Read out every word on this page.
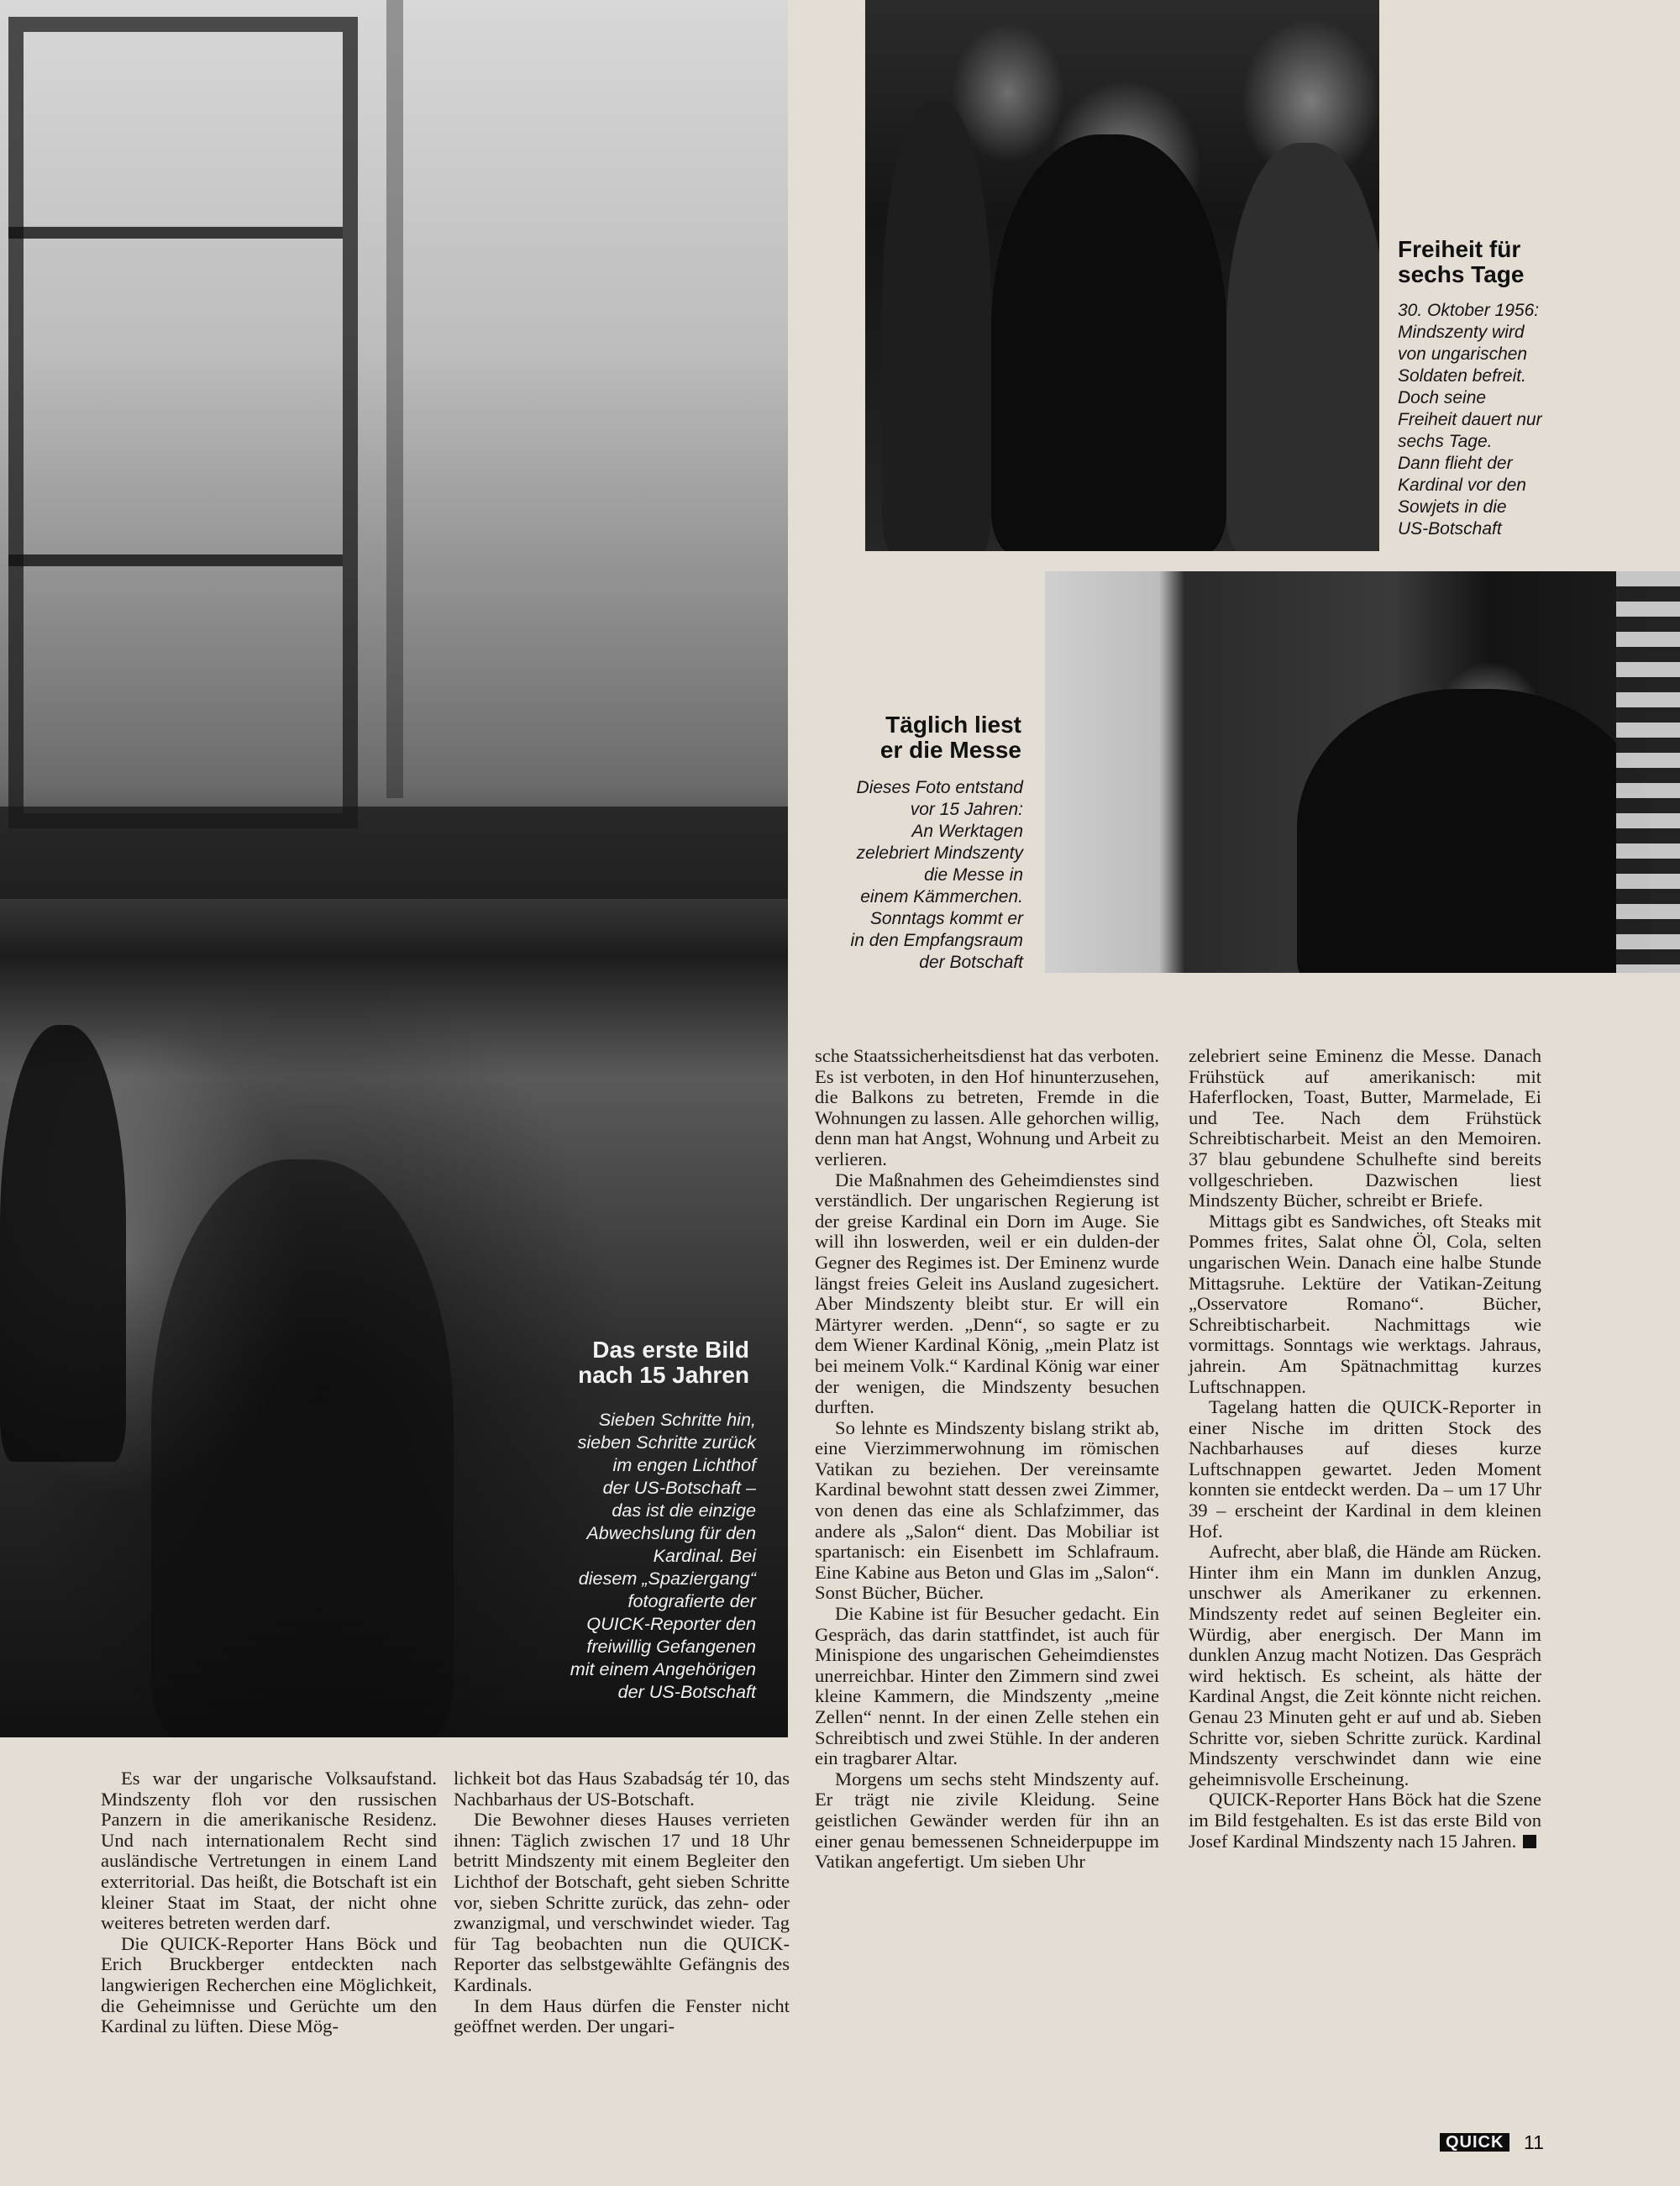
Das erste Bild
nach 15 Jahren
Sieben Schritte hin,
sieben Schritte zurück
im engen Lichthof
der US-Botschaft –
das ist die einzige
Abwechslung für den
Kardinal. Bei
diesem „Spaziergang“
fotografierte der
QUICK-Reporter den
freiwillig Gefangenen
mit einem Angehörigen
der US-Botschaft
Freiheit für
sechs Tage
30. Oktober 1956:
Mindszenty wird
von ungarischen
Soldaten befreit.
Doch seine
Freiheit dauert nur
sechs Tage.
Dann flieht der
Kardinal vor den
Sowjets in die
US-Botschaft
Täglich liest
er die Messe
Dieses Foto entstand
vor 15 Jahren:
An Werktagen
zelebriert Mindszenty
die Messe in
einem Kämmerchen.
Sonntags kommt er
in den Empfangsraum
der Botschaft

Es war der ungarische Volksaufstand. Mindszenty floh vor den russischen Panzern in die amerikanische Residenz. Und nach internationalem Recht sind ausländische Vertretungen in einem Land exterritorial. Das heißt, die Botschaft ist ein kleiner Staat im Staat, der nicht ohne weiteres betreten werden darf.

Die QUICK-Reporter Hans Böck und Erich Bruckberger entdeckten nach langwierigen Recherchen eine Möglichkeit, die Geheimnisse und Gerüchte um den Kardinal zu lüften. Diese Mög-

lichkeit bot das Haus Szabadság tér 10, das Nachbarhaus der US-Botschaft.

Die Bewohner dieses Hauses verrieten ihnen: Täglich zwischen 17 und 18 Uhr betritt Mindszenty mit einem Begleiter den Lichthof der Botschaft, geht sieben Schritte vor, sieben Schritte zurück, das zehn- oder zwanzigmal, und verschwindet wieder. Tag für Tag beobachten nun die QUICK-Reporter das selbstgewählte Gefängnis des Kardinals.

In dem Haus dürfen die Fenster nicht geöffnet werden. Der ungari-

sche Staatssicherheitsdienst hat das verboten. Es ist verboten, in den Hof hinunterzusehen, die Balkons zu betreten, Fremde in die Wohnungen zu lassen. Alle gehorchen willig, denn man hat Angst, Wohnung und Arbeit zu verlieren.

Die Maßnahmen des Geheimdienstes sind verständlich. Der ungarischen Regierung ist der greise Kardinal ein Dorn im Auge. Sie will ihn loswerden, weil er ein dulden-der Gegner des Regimes ist. Der Eminenz wurde längst freies Geleit ins Ausland zugesichert. Aber Mindszenty bleibt stur. Er will ein Märtyrer werden. „Denn“, so sagte er zu dem Wiener Kardinal König, „mein Platz ist bei meinem Volk.“ Kardinal König war einer der wenigen, die Mindszenty besuchen durften.

So lehnte es Mindszenty bislang strikt ab, eine Vierzimmerwohnung im römischen Vatikan zu beziehen. Der vereinsamte Kardinal bewohnt statt dessen zwei Zimmer, von denen das eine als Schlafzimmer, das andere als „Salon“ dient. Das Mobiliar ist spartanisch: ein Eisenbett im Schlafraum. Eine Kabine aus Beton und Glas im „Salon“. Sonst Bücher, Bücher.

Die Kabine ist für Besucher gedacht. Ein Gespräch, das darin stattfindet, ist auch für Minispione des ungarischen Geheimdienstes unerreichbar. Hinter den Zimmern sind zwei kleine Kammern, die Mindszenty „meine Zellen“ nennt. In der einen Zelle stehen ein Schreibtisch und zwei Stühle. In der anderen ein tragbarer Altar.

Morgens um sechs steht Mindszenty auf. Er trägt nie zivile Kleidung. Seine geistlichen Gewänder werden für ihn an einer genau bemessenen Schneiderpuppe im Vatikan angefertigt. Um sieben Uhr

zelebriert seine Eminenz die Messe. Danach Frühstück auf amerikanisch: mit Haferflocken, Toast, Butter, Marmelade, Ei und Tee. Nach dem Frühstück Schreibtischarbeit. Meist an den Memoiren. 37 blau gebundene Schulhefte sind bereits vollgeschrieben. Dazwischen liest Mindszenty Bücher, schreibt er Briefe.

Mittags gibt es Sandwiches, oft Steaks mit Pommes frites, Salat ohne Öl, Cola, selten ungarischen Wein. Danach eine halbe Stunde Mittagsruhe. Lektüre der Vatikan-Zeitung „Osservatore Romano“. Bücher, Schreibtischarbeit. Nachmittags wie vormittags. Sonntags wie werktags. Jahraus, jahrein. Am Spätnachmittag kurzes Luftschnappen.

Tagelang hatten die QUICK-Reporter in einer Nische im dritten Stock des Nachbarhauses auf dieses kurze Luftschnappen gewartet. Jeden Moment konnten sie entdeckt werden. Da – um 17 Uhr 39 – erscheint der Kardinal in dem kleinen Hof.

Aufrecht, aber blaß, die Hände am Rücken. Hinter ihm ein Mann im dunklen Anzug, unschwer als Amerikaner zu erkennen. Mindszenty redet auf seinen Begleiter ein. Würdig, aber energisch. Der Mann im dunklen Anzug macht Notizen. Das Gespräch wird hektisch. Es scheint, als hätte der Kardinal Angst, die Zeit könnte nicht reichen. Genau 23 Minuten geht er auf und ab. Sieben Schritte vor, sieben Schritte zurück. Kardinal Mindszenty verschwindet dann wie eine geheimnisvolle Erscheinung.

QUICK-Reporter Hans Böck hat die Szene im Bild festgehalten. Es ist das erste Bild von Josef Kardinal Mindszenty nach 15 Jahren.

QUICK	11
